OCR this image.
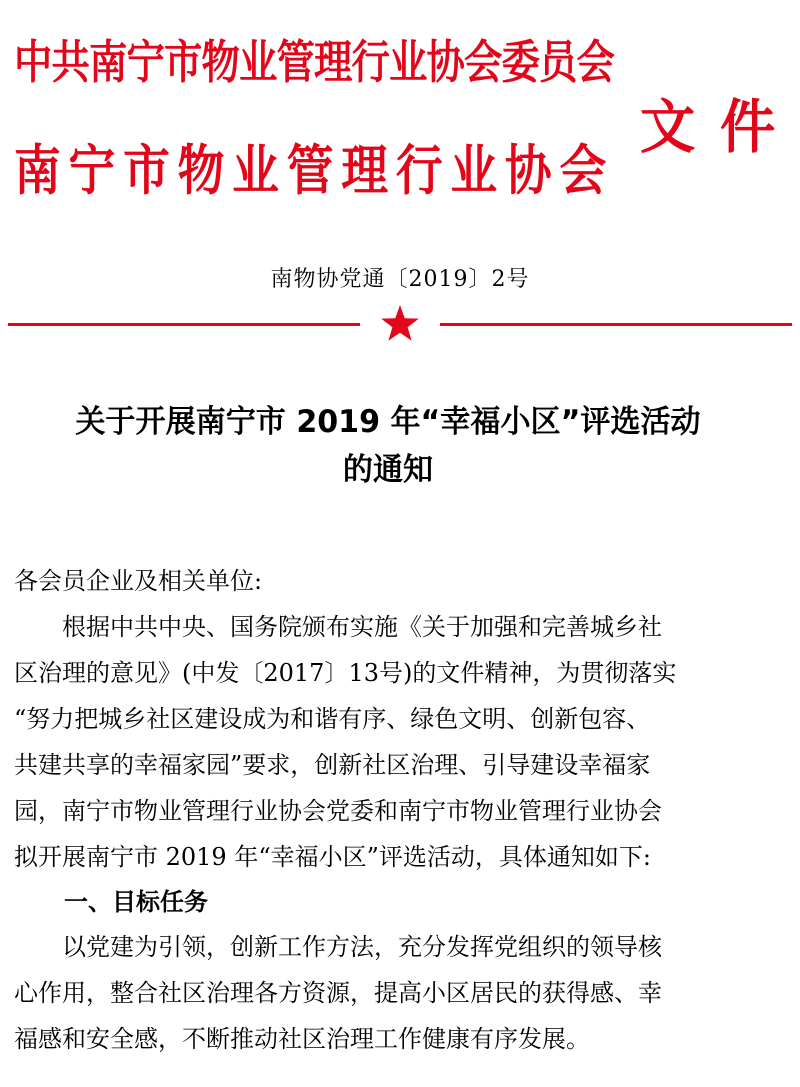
中共南宁市物业管理行业协会委员会
南宁市物业管理行业协会
文件
南物协党通〔2019〕2号
关于开展南宁市 2019 年“幸福小区”评选活动
的通知

各会员企业及相关单位:

　　根据中共中央、国务院颁布实施《关于加强和完善城乡社

区治理的意见》(中发〔2017〕13号)的文件精神，为贯彻落实

“努力把城乡社区建设成为和谐有序、绿色文明、创新包容、

共建共享的幸福家园”要求，创新社区治理、引导建设幸福家

园，南宁市物业管理行业协会党委和南宁市物业管理行业协会

拟开展南宁市 2019 年“幸福小区”评选活动，具体通知如下:

一、目标任务

　　以党建为引领，创新工作方法，充分发挥党组织的领导核

心作用，整合社区治理各方资源，提高小区居民的获得感、幸

福感和安全感，不断推动社区治理工作健康有序发展。
